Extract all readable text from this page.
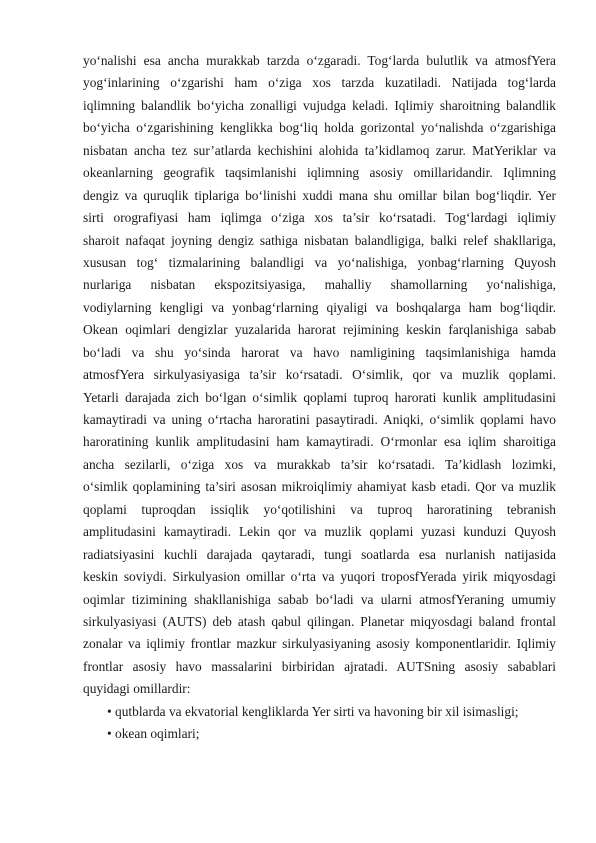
yo‘nalishi esa ancha murakkab tarzda o‘zgaradi. Tog‘larda bulutlik va atmosfYera
yog‘inlarining o‘zgarishi ham o‘ziga xos tarzda kuzatiladi. Natijada tog‘larda
iqlimning balandlik bo‘yicha zonalligi vujudga keladi. Iqlimiy sharoitning balandlik
bo‘yicha o‘zgarishining kenglikka bog‘liq holda gorizontal yo‘nalishda o‘zgarishiga
nisbatan ancha tez sur’atlarda kechishini alohida ta’kidlamoq zarur. MatYeriklar va
okeanlarning geografik taqsimlanishi iqlimning asosiy omillaridandir. Iqlimning
dengiz va quruqlik tiplariga bo‘linishi xuddi mana shu omillar bilan bog‘liqdir. Yer
sirti orografiyasi ham iqlimga o‘ziga xos ta’sir ko‘rsatadi. Tog‘lardagi iqlimiy
sharoit nafaqat joyning dengiz sathiga nisbatan balandligiga, balki relef shakllariga,
xususan tog‘ tizmalarining balandligi va yo‘nalishiga, yonbag‘rlarning Quyosh
nurlariga nisbatan ekspozitsiyasiga, mahalliy shamollarning yo‘nalishiga,
vodiylarning kengligi va yonbag‘rlarning qiyaligi va boshqalarga ham bog‘liqdir.
Okean oqimlari dengizlar yuzalarida harorat rejimining keskin farqlanishiga sabab
bo‘ladi va shu yo‘sinda harorat va havo namligining taqsimlanishiga hamda
atmosfYera sirkulyasiyasiga ta’sir ko‘rsatadi. O‘simlik, qor va muzlik qoplami.
Yetarli darajada zich bo‘lgan o‘simlik qoplami tuproq harorati kunlik amplitudasini
kamaytiradi va uning o‘rtacha haroratini pasaytiradi. Aniqki, o‘simlik qoplami havo
haroratining kunlik amplitudasini ham kamaytiradi. O‘rmonlar esa iqlim sharoitiga
ancha sezilarli, o‘ziga xos va murakkab ta’sir ko‘rsatadi. Ta’kidlash lozimki,
o‘simlik qoplamining ta’siri asosan mikroiqlimiy ahamiyat kasb etadi. Qor va muzlik
qoplami tuproqdan issiqlik yo‘qotilishini va tuproq haroratining tebranish
amplitudasini kamaytiradi. Lekin qor va muzlik qoplami yuzasi kunduzi Quyosh
radiatsiyasini kuchli darajada qaytaradi, tungi soatlarda esa nurlanish natijasida
keskin soviydi. Sirkulyasion omillar o‘rta va yuqori troposfYerada yirik miqyosdagi
oqimlar tizimining shakllanishiga sabab bo‘ladi va ularni atmosfYeraning umumiy
sirkulyasiyasi (AUTS) deb atash qabul qilingan. Planetar miqyosdagi baland frontal
zonalar va iqlimiy frontlar mazkur sirkulyasiyaning asosiy komponentlaridir. Iqlimiy
frontlar asosiy havo massalarini birbiridan ajratadi. AUTSning asosiy sabablari
quyidagi omillardir:
• qutblarda va ekvatorial kengliklarda Yer sirti va havoning bir xil isimasligi;
• okean oqimlari;
